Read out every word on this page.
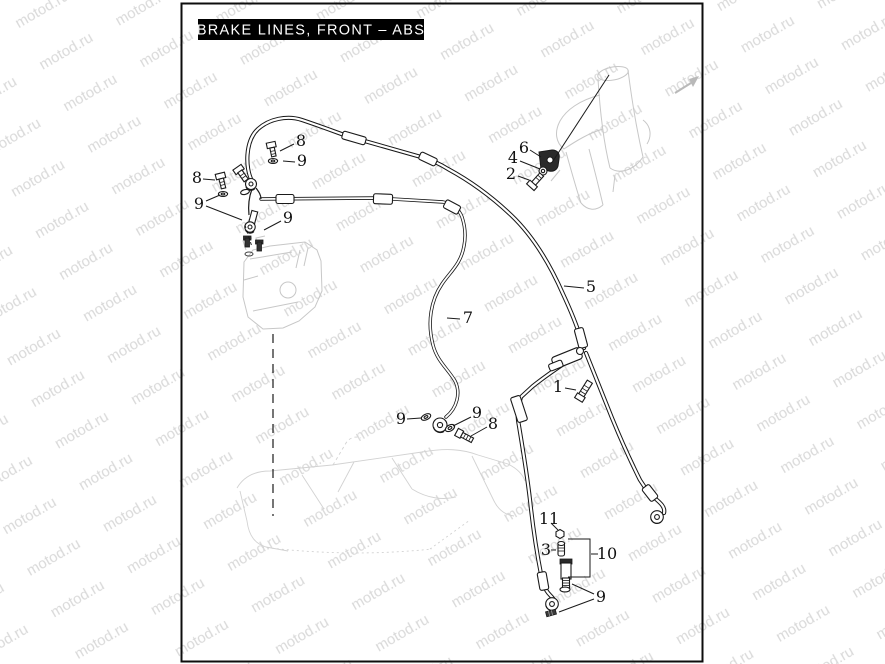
8
9
8
9
9
6
4
2
5
7
1
9	9
8
11
3	10
9
BRAKE LINES, FRONT – ABS
